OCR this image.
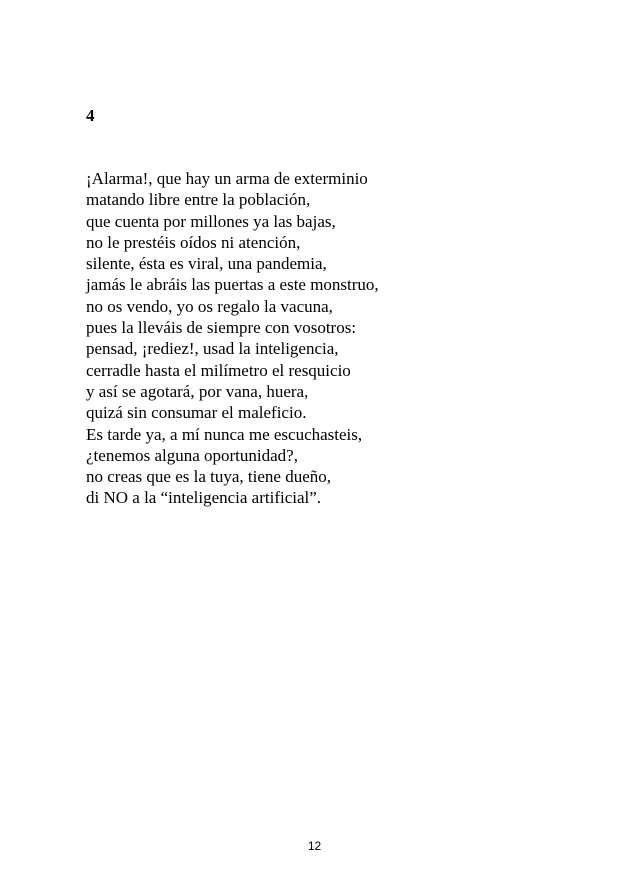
4
¡Alarma!, que hay un arma de exterminio
matando libre entre la población,
que cuenta por millones ya las bajas,
no le prestéis oídos ni atención,
silente, ésta es viral, una pandemia,
jamás le abráis las puertas a este monstruo,
no os vendo, yo os regalo la vacuna,
pues la lleváis de siempre con vosotros:
pensad, ¡rediez!, usad la inteligencia,
cerradle hasta el milímetro el resquicio
y así se agotará, por vana, huera,
quizá sin consumar el maleficio.
Es tarde ya, a mí nunca me escuchasteis,
¿tenemos alguna oportunidad?,
no creas que es la tuya, tiene dueño,
di NO a la “inteligencia artificial”.
12
